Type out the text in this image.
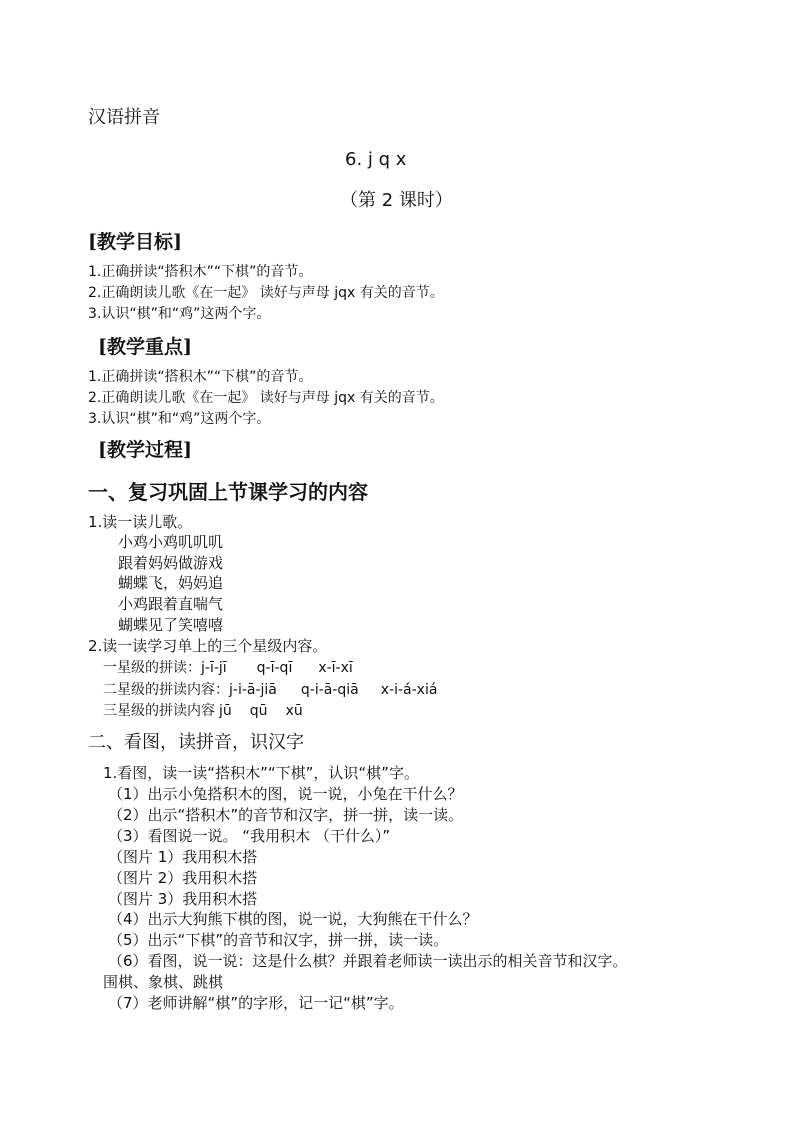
汉语拼音
6. j q x
（第 2 课时）
[教学目标]
1.正确拼读“搭积木”“下棋”的音节。
2.正确朗读儿歌《在一起》 读好与声母 jqx 有关的音节。
3.认识“棋”和“鸡”这两个字。
[教学重点]
1.正确拼读“搭积木”“下棋”的音节。
2.正确朗读儿歌《在一起》 读好与声母 jqx 有关的音节。
3.认识“棋”和“鸡”这两个字。
[教学过程]
一、复习巩固上节课学习的内容
1.读一读儿歌。
小鸡小鸡叽叽叽
跟着妈妈做游戏
蝴蝶飞，妈妈追
小鸡跟着直喘气
蝴蝶见了笑嘻嘻
2.读一读学习单上的三个星级内容。
一星级的拼读：j-ī-jī q-ī-qī x-ī-xī
二星级的拼读内容：j-i-ā-jiā q-i-ā-qiā x-i-á-xiá
三星级的拼读内容 jū qū xū
二、看图，读拼音，识汉字
1.看图，读一读“搭积木”“下棋”，认识“棋”字。
（1）出示小兔搭积木的图，说一说，小兔在干什么？
（2）出示“搭积木”的音节和汉字，拼一拼，读一读。
（3）看图说一说。 “我用积木 （干什么）”
（图片 1）我用积木搭
（图片 2）我用积木搭
（图片 3）我用积木搭
（4）出示大狗熊下棋的图，说一说，大狗熊在干什么？
（5）出示“下棋”的音节和汉字，拼一拼，读一读。
（6）看图，说一说：这是什么棋？并跟着老师读一读出示的相关音节和汉字。
围棋、象棋、跳棋
（7）老师讲解“棋”的字形，记一记“棋”字。
